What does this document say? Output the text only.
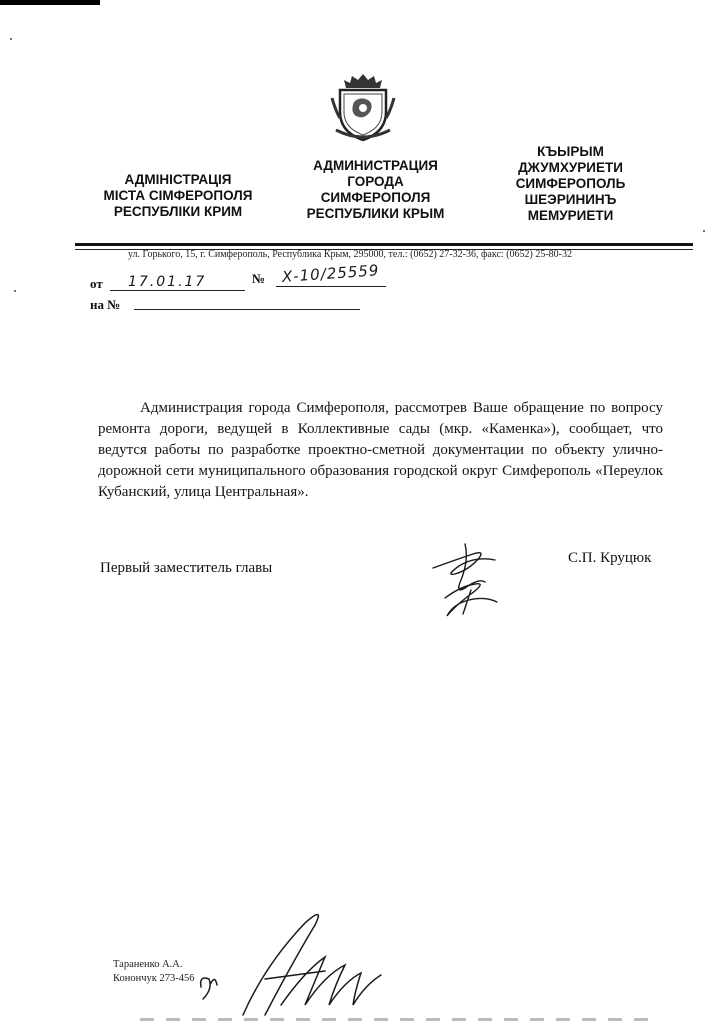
АДМІНІСТРАЦІЯ
МІСТА СІМФЕРОПОЛЯ
РЕСПУБЛІКИ КРИМ
АДМИНИСТРАЦИЯ
ГОРОДА
СИМФЕРОПОЛЯ
РЕСПУБЛИКИ КРЫМ
КЪЫРЫМ
ДЖУМХУРИЕТИ
СИМФЕРОПОЛЬ
ШЕЭРИНИНЪ
МЕМУРИЕТИ
ул. Горького, 15, г. Симферополь, Республика Крым, 295000, тел.: (0652) 27-32-36, факс: (0652) 25-80-32
от 17.01.17	№ Х-10/25559
на №

Администрация города Симферополя, рассмотрев Ваше обращение по вопросу ремонта дороги, ведущей в Коллективные сады (мкр. «Каменка»), сообщает, что ведутся работы по разработке проектно-сметной документации по объекту улично-дорожной сети муниципального образования городской округ Симферополь «Переулок Кубанский, улица Центральная».

Первый заместитель главы
С.П. Круцюк
Тараненко А.А.
Конончук 273-456
